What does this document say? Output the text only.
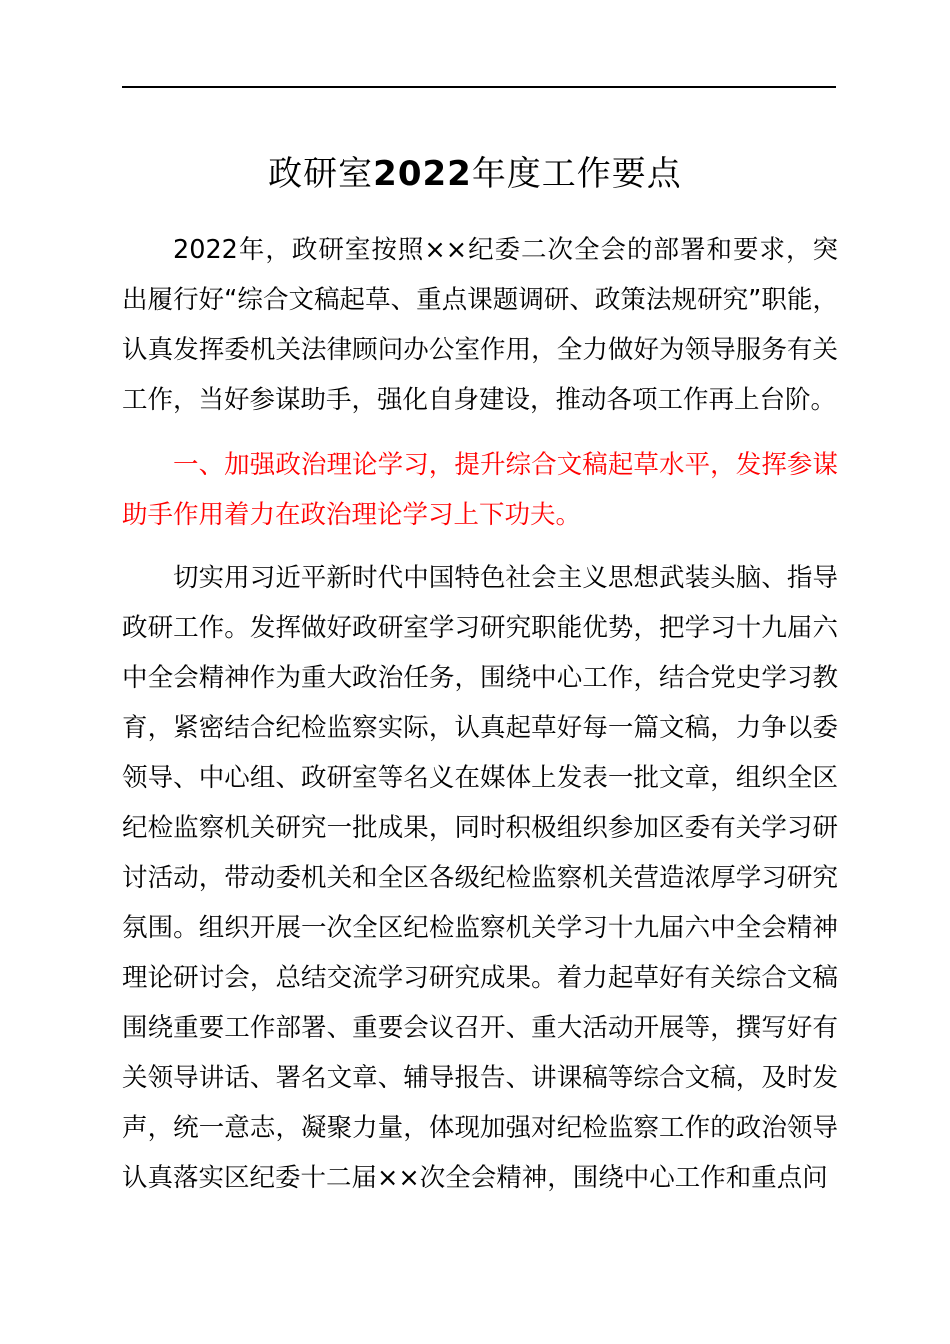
政研室2022年度工作要点

2022年，政研室按照××纪委二次全会的部署和要求，突出履行好“综合文稿起草、重点课题调研、政策法规研究”职能，认真发挥委机关法律顾问办公室作用，全力做好为领导服务有关工作，当好参谋助手，强化自身建设，推动各项工作再上台阶。

一、加强政治理论学习，提升综合文稿起草水平，发挥参谋助手作用着力在政治理论学习上下功夫。

切实用习近平新时代中国特色社会主义思想武装头脑、指导政研工作。发挥做好政研室学习研究职能优势，把学习十九届六中全会精神作为重大政治任务，围绕中心工作，结合党史学习教育，紧密结合纪检监察实际，认真起草好每一篇文稿，力争以委领导、中心组、政研室等名义在媒体上发表一批文章，组织全区纪检监察机关研究一批成果，同时积极组织参加区委有关学习研讨活动，带动委机关和全区各级纪检监察机关营造浓厚学习研究氛围。组织开展一次全区纪检监察机关学习十九届六中全会精神理论研讨会，总结交流学习研究成果。着力起草好有关综合文稿围绕重要工作部署、重要会议召开、重大活动开展等，撰写好有关领导讲话、署名文章、辅导报告、讲课稿等综合文稿，及时发声，统一意志，凝聚力量，体现加强对纪检监察工作的政治领导认真落实区纪委十二届××次全会精神，围绕中心工作和重点问
